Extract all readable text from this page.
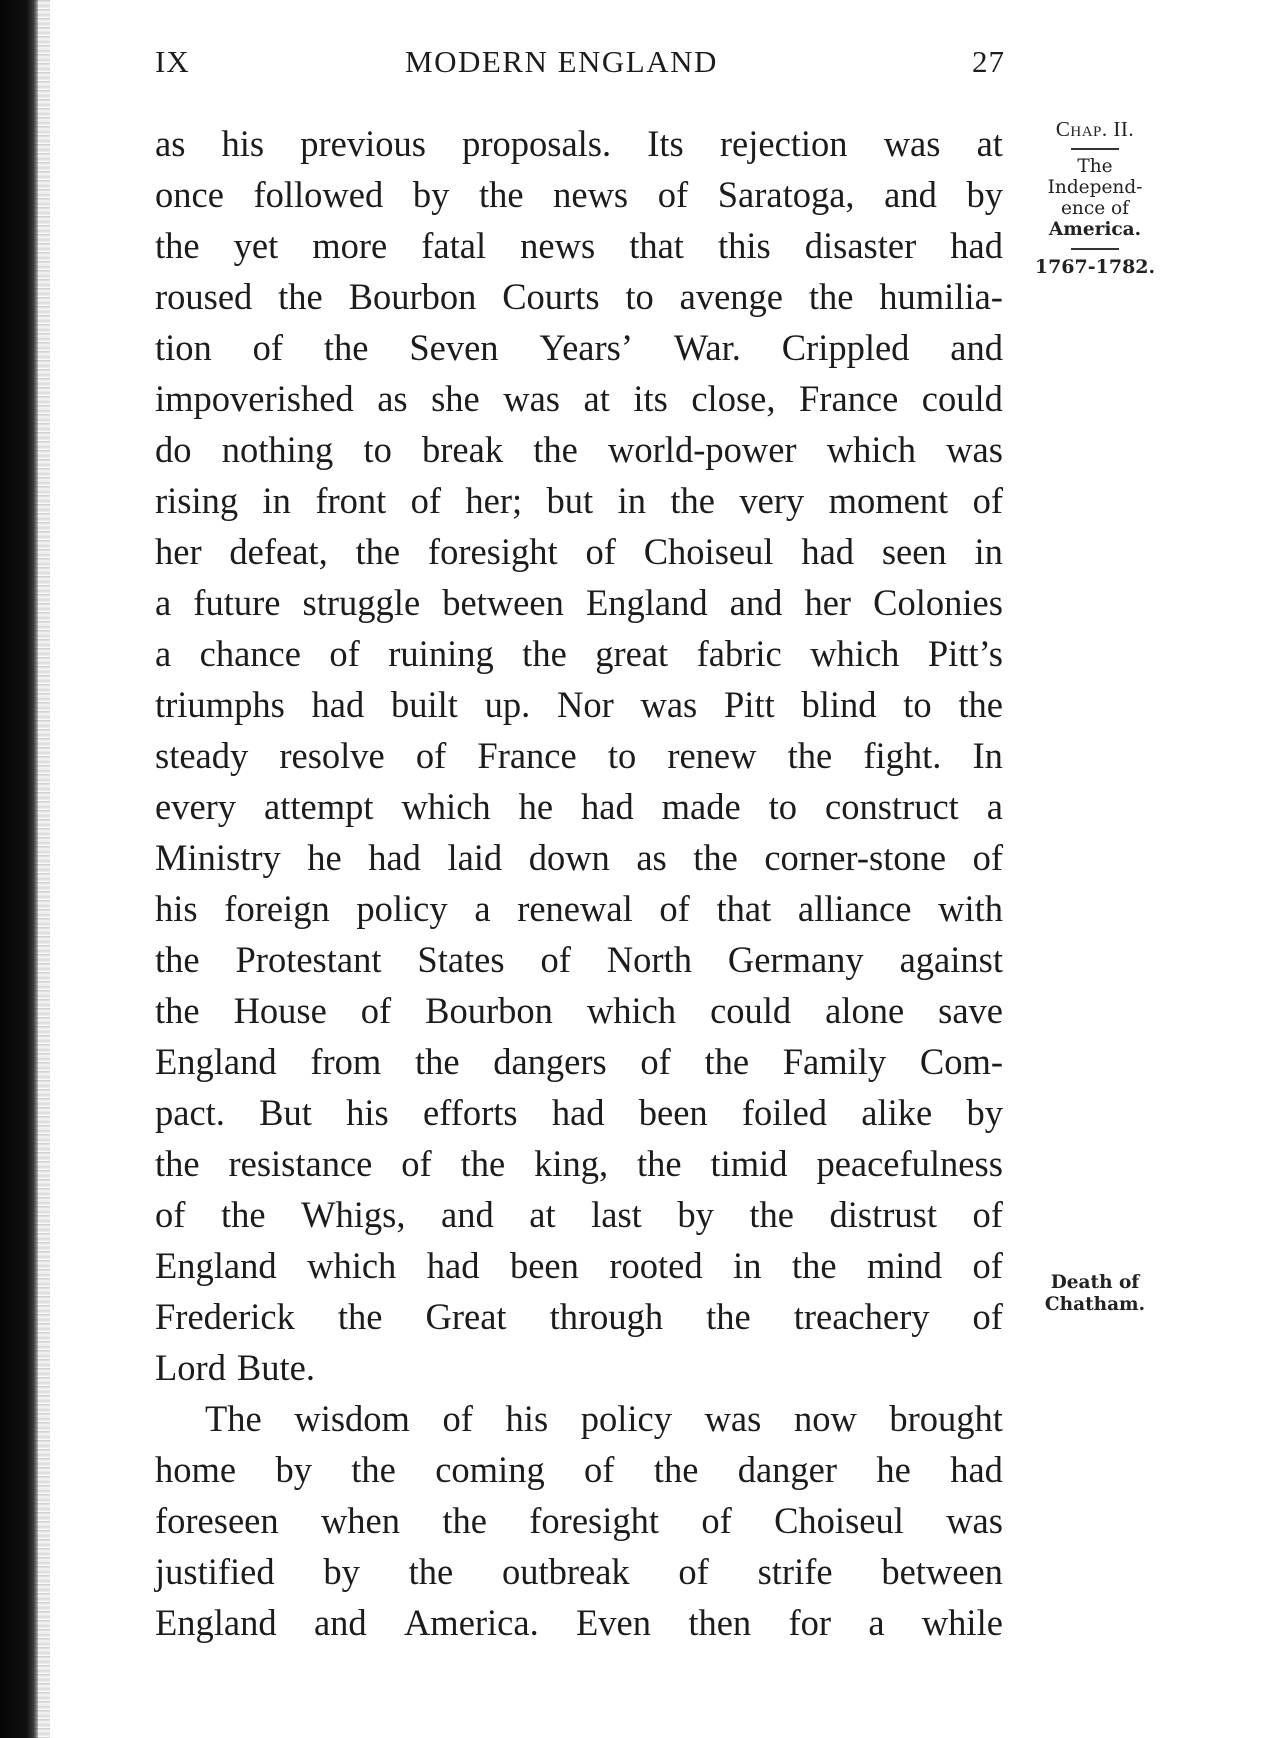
IX	MODERN ENGLAND	27
as his previous proposals. Its rejection was at
once followed by the news of Saratoga, and by
the yet more fatal news that this disaster had
roused the Bourbon Courts to avenge the humilia-
tion of the Seven Years’ War. Crippled and
impoverished as she was at its close, France could
do nothing to break the world-power which was
rising in front of her; but in the very moment of
her defeat, the foresight of Choiseul had seen in
a future struggle between England and her Colonies
a chance of ruining the great fabric which Pitt’s
triumphs had built up. Nor was Pitt blind to the
steady resolve of France to renew the fight. In
every attempt which he had made to construct a
Ministry he had laid down as the corner-stone of
his foreign policy a renewal of that alliance with
the Protestant States of North Germany against
the House of Bourbon which could alone save
England from the dangers of the Family Com-
pact. But his efforts had been foiled alike by
the resistance of the king, the timid peacefulness
of the Whigs, and at last by the distrust of
England which had been rooted in the mind of
Frederick the Great through the treachery of
Lord Bute.
The wisdom of his policy was now brought
home by the coming of the danger he had
foreseen when the foresight of Choiseul was
justified by the outbreak of strife between
England and America. Even then for a while
Chap. II.
The
Independ-
ence of
America.
1767-1782.
Death of
Chatham.
